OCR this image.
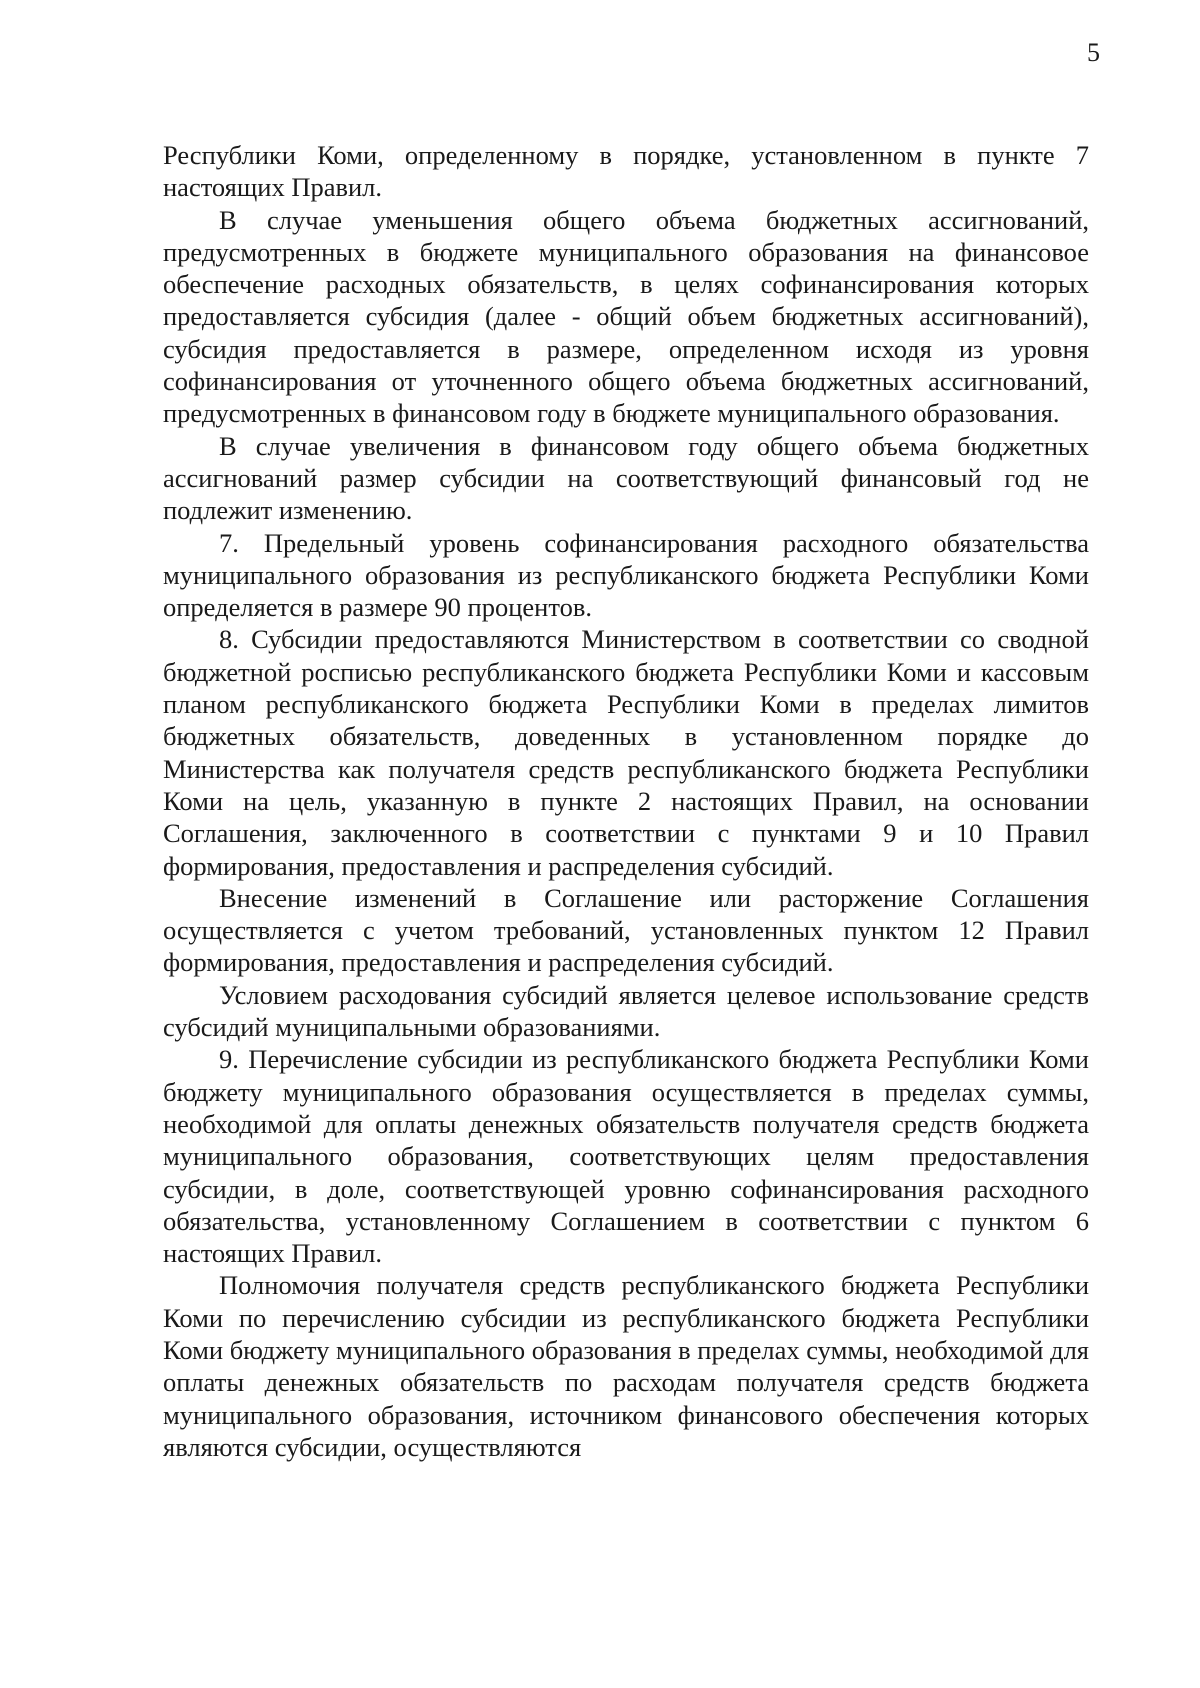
5

Республики Коми, определенному в порядке, установленном в пункте 7 настоящих Правил.

В случае уменьшения общего объема бюджетных ассигнований, предусмотренных в бюджете муниципального образования на финансовое обеспечение расходных обязательств, в целях софинансирования которых предоставляется субсидия (далее - общий объем бюджетных ассигнований), субсидия предоставляется в размере, определенном исходя из уровня софинансирования от уточненного общего объема бюджетных ассигнований, предусмотренных в финансовом году в бюджете муниципального образования.

В случае увеличения в финансовом году общего объема бюджетных ассигнований размер субсидии на соответствующий финансовый год не подлежит изменению.

7. Предельный уровень софинансирования расходного обязательства муниципального образования из республиканского бюджета Республики Коми определяется в размере 90 процентов.

8. Субсидии предоставляются Министерством в соответствии со сводной бюджетной росписью республиканского бюджета Республики Коми и кассовым планом республиканского бюджета Республики Коми в пределах лимитов бюджетных обязательств, доведенных в установленном порядке до Министерства как получателя средств республиканского бюджета Республики Коми на цель, указанную в пункте 2 настоящих Правил, на основании Соглашения, заключенного в соответствии с пунктами 9 и 10 Правил формирования, предоставления и распределения субсидий.

Внесение изменений в Соглашение или расторжение Соглашения осуществляется с учетом требований, установленных пунктом 12 Правил формирования, предоставления и распределения субсидий.

Условием расходования субсидий является целевое использование средств субсидий муниципальными образованиями.

9. Перечисление субсидии из республиканского бюджета Республики Коми бюджету муниципального образования осуществляется в пределах суммы, необходимой для оплаты денежных обязательств получателя средств бюджета муниципального образования, соответствующих целям предоставления субсидии, в доле, соответствующей уровню софинансирования расходного обязательства, установленному Соглашением в соответствии с пунктом 6 настоящих Правил.

Полномочия получателя средств республиканского бюджета Республики Коми по перечислению субсидии из республиканского бюджета Республики Коми бюджету муниципального образования в пределах суммы, необходимой для оплаты денежных обязательств по расходам получателя средств бюджета муниципального образования, источником финансового обеспечения которых являются субсидии, осуществляются
